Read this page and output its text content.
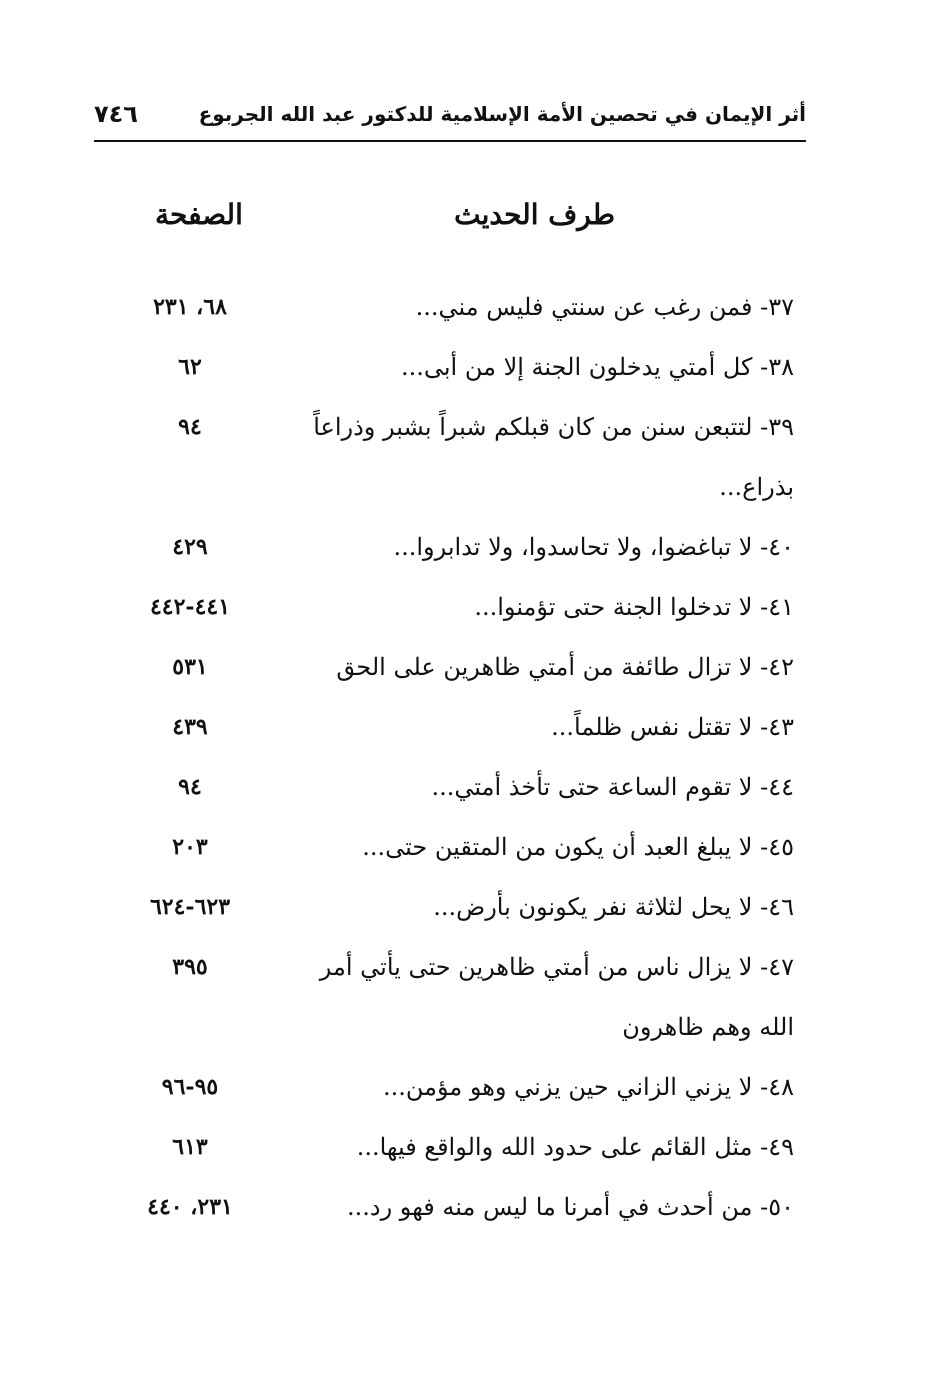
أثر الإيمان في تحصين الأمة الإسلامية للدكتور عبد الله الجربوع
٧٤٦
طرف الحديث
الصفحة
٣٧- فمن رغب عن سنتي فليس مني...
٦٨، ٢٣١
٣٨- كل أمتي يدخلون الجنة إلا من أبى...
٦٢
٣٩- لتتبعن سنن من كان قبلكم شبراً بشبر وذراعاً
٩٤
بذراع...
٤٠- لا تباغضوا، ولا تحاسدوا، ولا تدابروا...
٤٢٩
٤١- لا تدخلوا الجنة حتى تؤمنوا...
٤٤١-٤٤٢
٤٢- لا تزال طائفة من أمتي ظاهرين على الحق
٥٣١
٤٣- لا تقتل نفس ظلماً...
٤٣٩
٤٤- لا تقوم الساعة حتى تأخذ أمتي...
٩٤
٤٥- لا يبلغ العبد أن يكون من المتقين حتى...
٢٠٣
٤٦- لا يحل لثلاثة نفر يكونون بأرض...
٦٢٣-٦٢٤
٤٧- لا يزال ناس من أمتي ظاهرين حتى يأتي أمر
٣٩٥
الله وهم ظاهرون
٤٨- لا يزني الزاني حين يزني وهو مؤمن...
٩٥-٩٦
٤٩- مثل القائم على حدود الله والواقع فيها...
٦١٣
٥٠- من أحدث في أمرنا ما ليس منه فهو رد...
٢٣١، ٤٤٠
